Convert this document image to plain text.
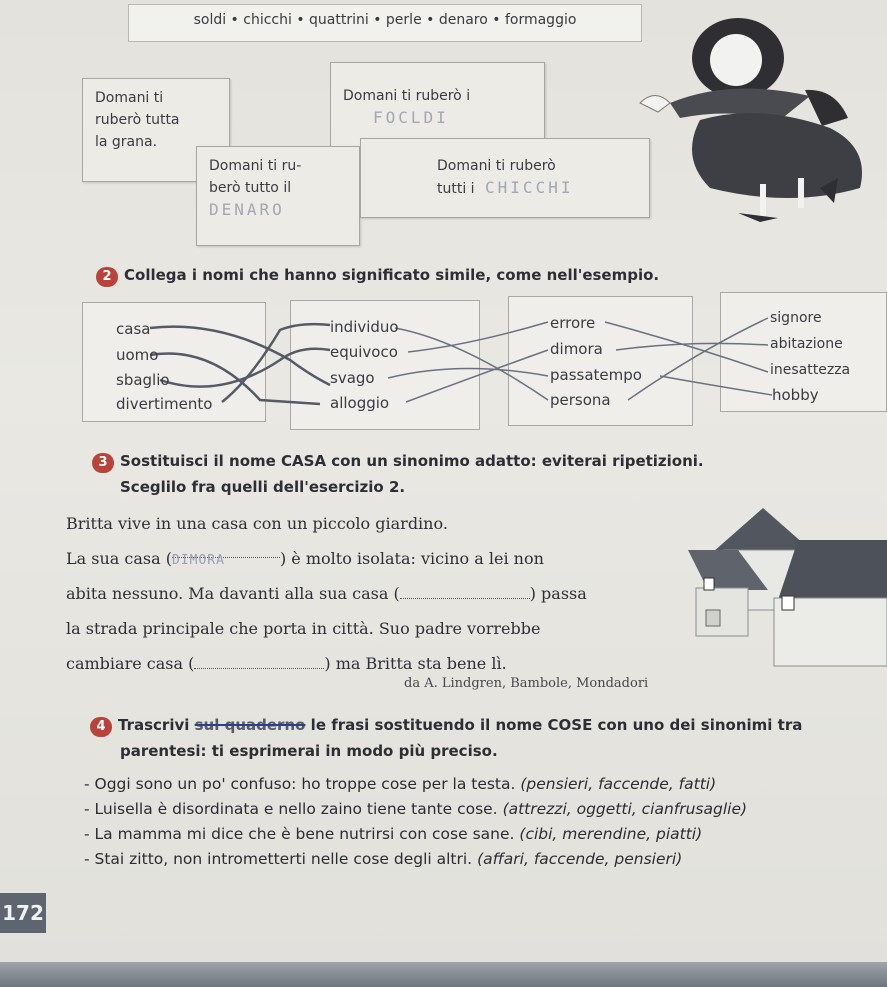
soldi • chicchi • quattrini • perle • denaro • formaggio
Domani ti
ruberò tutta
la grana.
Domani ti ruberò i
FOCLDI
Domani ti ru-
berò tutto il
DENARO
Domani ti ruberò
tutti i CHICCHI
2 Collega i nomi che hanno significato simile, come nell'esempio.
casa
uomo
sbaglio
divertimento
individuo
equivoco
svago
alloggio
errore
dimora
passatempo
persona
signore
abitazione
inesattezza
hobby
3 Sostituisci il nome CASA con un sinonimo adatto: eviterai ripetizioni.
Sceglilo fra quelli dell'esercizio 2.
Britta vive in una casa con un piccolo giardino.
La sua casa (DIMORA	) è molto isolata: vicino a lei non
abita nessuno. Ma davanti alla sua casa (	) passa
la strada principale che porta in città. Suo padre vorrebbe
cambiare casa (	) ma Britta sta bene lì.
da A. Lindgren, Bambole, Mondadori
4 Trascrivi sul quaderno le frasi sostituendo il nome COSE con uno dei sinonimi tra
parentesi: ti esprimerai in modo più preciso.
- Oggi sono un po' confuso: ho troppe cose per la testa. (pensieri, faccende, fatti)
- Luisella è disordinata e nello zaino tiene tante cose. (attrezzi, oggetti, cianfrusaglie)
- La mamma mi dice che è bene nutrirsi con cose sane. (cibi, merendine, piatti)
- Stai zitto, non intrometterti nelle cose degli altri. (affari, faccende, pensieri)
172
